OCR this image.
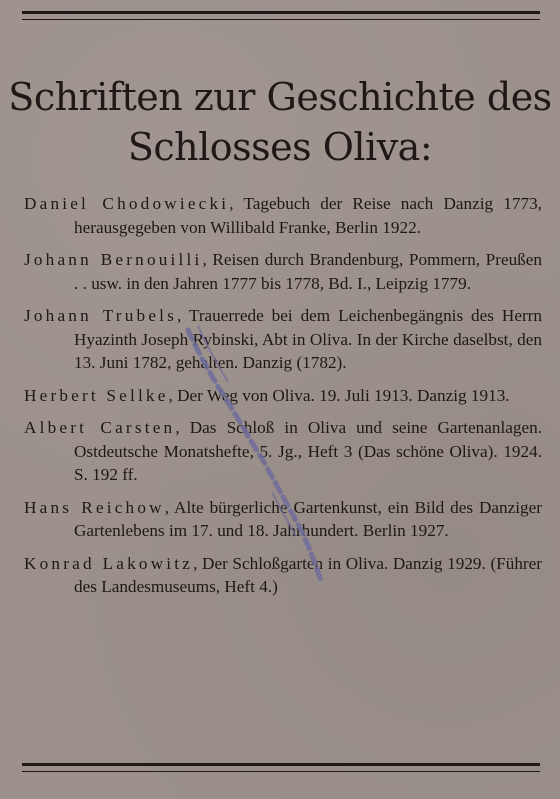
Schriften zur Geschichte des
Schlosses Oliva:
Daniel Chodowiecki, Tagebuch der Reise nach Danzig 1773, herausgegeben von Willibald Franke, Berlin 1922.
Johann Bernouilli, Reisen durch Brandenburg, Pommern, Preußen . . usw. in den Jahren 1777 bis 1778, Bd. I., Leipzig 1779.
Johann Trubels, Trauerrede bei dem Leichenbegängnis des Herrn Hyazinth Joseph Rybinski, Abt in Oliva. In der Kirche daselbst, den 13. Juni 1782, gehalten. Danzig (1782).
Herbert Sellke, Der Weg von Oliva. 19. Juli 1913. Danzig 1913.
Albert Carsten, Das Schloß in Oliva und seine Gartenanlagen. Ostdeutsche Monatshefte, 5. Jg., Heft 3 (Das schöne Oliva). 1924. S. 192 ff.
Hans Reichow, Alte bürgerliche Gartenkunst, ein Bild des Danziger Gartenlebens im 17. und 18. Jahrhundert. Berlin 1927.
Konrad Lakowitz, Der Schloßgarten in Oliva. Danzig 1929. (Führer des Landesmuseums, Heft 4.)
